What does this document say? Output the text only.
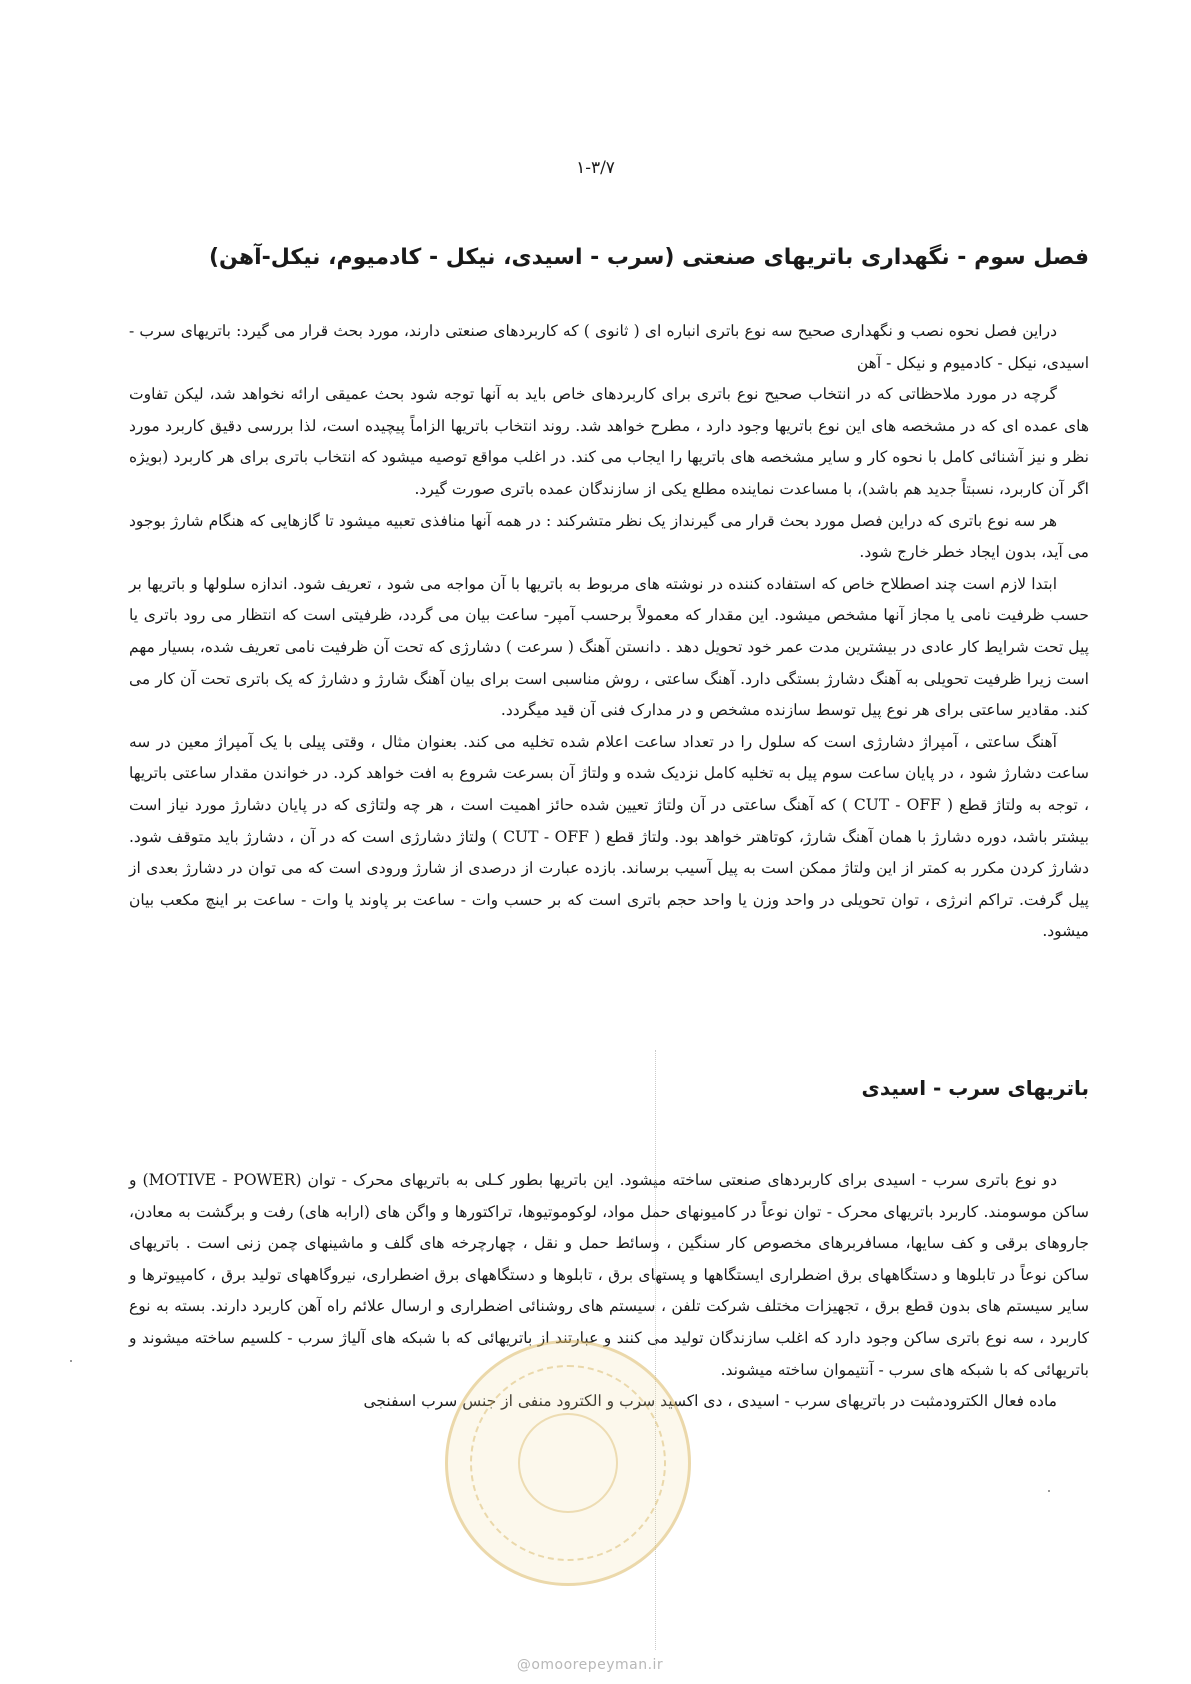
۱-۳/۷
فصل سوم - نگهداری باتریهای صنعتی (سرب - اسیدی، نیکل - کادمیوم، نیکل-آهن)

دراین فصل نحوه نصب و نگهداری صحیح سه نوع باتری انباره ای ( ثانوی ) که کاربردهای صنعتی دارند، مورد بحث قرار می گیرد: باتریهای سرب - اسیدی، نیکل - کادمیوم و نیکل - آهن

گرچه در مورد ملاحظاتی که در انتخاب صحیح نوع باتری برای کاربردهای خاص باید به آنها توجه شود بحث عمیقی ارائه نخواهد شد، لیکن تفاوت های عمده ای که در مشخصه های این نوع باتریها وجود دارد ، مطرح خواهد شد. روند انتخاب باتریها الزاماً پیچیده است، لذا بررسی دقیق کاربرد مورد نظر و نیز آشنائی کامل با نحوه کار و سایر مشخصه های باتریها را ایجاب می کند. در اغلب مواقع توصیه میشود که انتخاب باتری برای هر کاربرد (بویژه اگر آن کاربرد، نسبتاً جدید هم باشد)، با مساعدت نماینده مطلع یکی از سازندگان عمده باتری صورت گیرد.

هر سه نوع باتری که دراین فصل مورد بحث قرار می گیرنداز یک نظر متشرکند : در همه آنها منافذی تعبیه میشود تا گازهایی که هنگام شارژ بوجود می آید، بدون ایجاد خطر خارج شود.

ابتدا لازم است چند اصطلاح خاص که استفاده کننده در نوشته های مربوط به باتریها با آن مواجه می شود ، تعریف شود. اندازه سلولها و باتریها بر حسب ظرفیت نامی یا مجاز آنها مشخص میشود. این مقدار که معمولاً برحسب آمپر- ساعت بیان می گردد، ظرفیتی است که انتظار می رود باتری یا پیل تحت شرایط کار عادی در بیشترین مدت عمر خود تحویل دهد . دانستن آهنگ ( سرعت ) دشارژی که تحت آن ظرفیت نامی تعریف شده، بسیار مهم است زیرا ظرفیت تحویلی به آهنگ دشارژ بستگی دارد. آهنگ ساعتی ، روش مناسبی است برای بیان آهنگ شارژ و دشارژ که یک باتری تحت آن کار می کند. مقادیر ساعتی برای هر نوع پیل توسط سازنده مشخص و در مدارک فنی آن قید میگردد.

آهنگ ساعتی ، آمپراژ دشارژی است که سلول را در تعداد ساعت اعلام شده تخلیه می کند. بعنوان مثال ، وقتی پیلی با یک آمپراژ معین در سه ساعت دشارژ شود ، در پایان ساعت سوم پیل به تخلیه کامل نزدیک شده و ولتاژ آن بسرعت شروع به افت خواهد کرد. در خواندن مقدار ساعتی باتریها ، توجه به ولتاژ قطع ( CUT - OFF ) که آهنگ ساعتی در آن ولتاژ تعیین شده حائز اهمیت است ، هر چه ولتاژی که در پایان دشارژ مورد نیاز است بیشتر باشد، دوره دشارژ با همان آهنگ شارژ، کوتاهتر خواهد بود. ولتاژ قطع ( CUT - OFF ) ولتاژ دشارژی است که در آن ، دشارژ باید متوقف شود. دشارژ کردن مکرر به کمتر از این ولتاژ ممکن است به پیل آسیب برساند. بازده عبارت از درصدی از شارژ ورودی است که می توان در دشارژ بعدی از پیل گرفت. تراکم انرژی ، توان تحویلی در واحد وزن یا واحد حجم باتری است که بر حسب وات - ساعت بر پاوند یا وات - ساعت بر اینچ مکعب بیان میشود.

باتریهای سرب - اسیدی

دو نوع باتری سرب - اسیدی برای کاربردهای صنعتی ساخته میشود. این باتریها بطور کـلی به باتریهای محرک - توان (MOTIVE - POWER) و ساکن موسومند. کاربرد باتریهای محرک - توان نوعاً در کامیونهای حمل مواد، لوکوموتیوها، تراکتورها و واگن های (ارابه های) رفت و برگشت به معادن، جاروهای برقی و کف سایها، مسافربرهای مخصوص کار سنگین ، وسائط حمل و نقل ، چهارچرخه های گلف و ماشینهای چمن زنی است . باتریهای ساکن نوعاً در تابلوها و دستگاههای برق اضطراری ایستگاهها و پستهای برق ، تابلوها و دستگاههای برق اضطراری، نیروگاههای تولید برق ، کامپیوترها و سایر سیستم های بدون قطع برق ، تجهیزات مختلف شرکت تلفن ، سیستم های روشنائی اضطراری و ارسال علائم راه آهن کاربرد دارند. بسته به نوع کاربرد ، سه نوع باتری ساکن وجود دارد که اغلب سازندگان تولید می کنند و عبارتند از باتریهائی که با شبکه های آلیاژ سرب - کلسیم ساخته میشوند و باتریهائی که با شبکه های سرب - آنتیموان ساخته میشوند.

ماده فعال الکترودمثبت در باتریهای سرب - اسیدی ، دی اکسید سرب و الکترود منفی از جنس سرب اسفنجی

@omoorepeyman.ir
